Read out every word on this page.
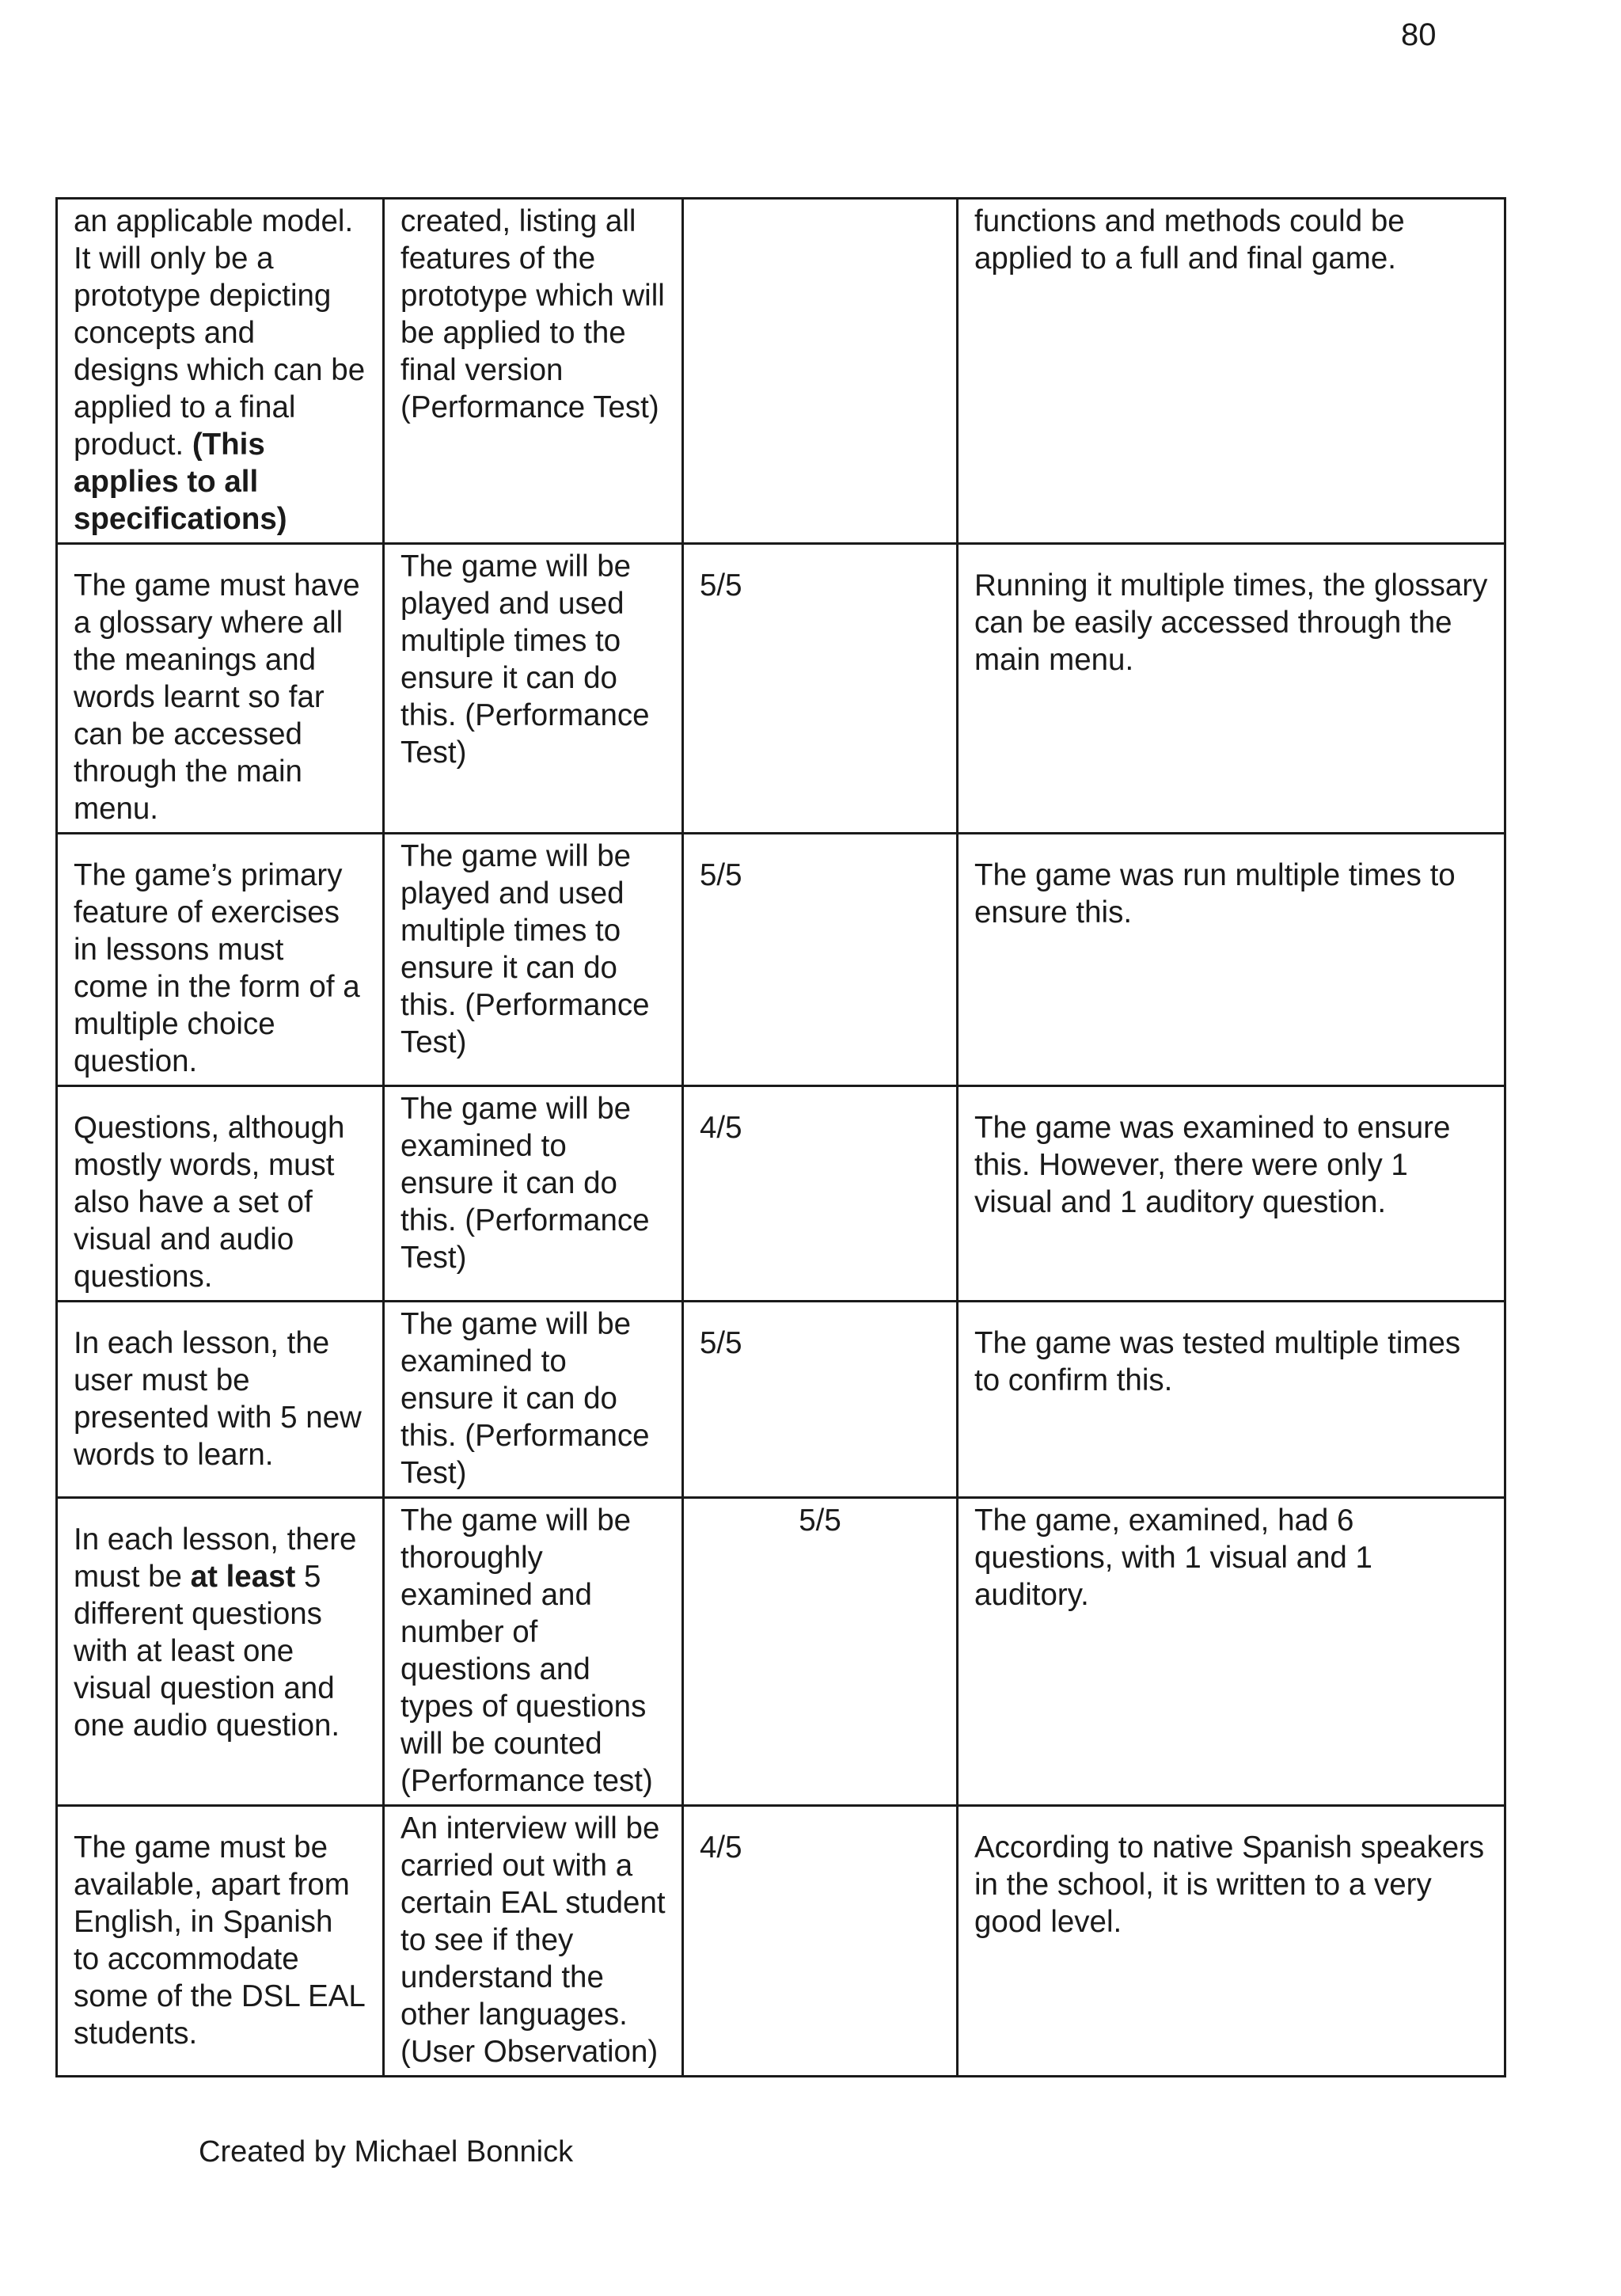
80
an applicable model. It will only be a prototype depicting concepts and designs which can be applied to a final product. (This applies to all specifications)	created, listing all features of the prototype which will be applied to the final version (Performance Test)		functions and methods could be applied to a full and final game.

The game must have a glossary where all the meanings and words learnt so far can be accessed through the main menu.	The game will be played and used multiple times to ensure it can do this. (Performance Test)	5/5	Running it multiple times, the glossary can be easily accessed through the main menu.

The game’s primary feature of exercises in lessons must come in the form of a multiple choice question.	The game will be played and used multiple times to ensure it can do this. (Performance Test)	5/5	The game was run multiple times to ensure this.

Questions, although mostly words, must also have a set of visual and audio questions.	The game will be examined to ensure it can do this. (Performance Test)	4/5	The game was examined to ensure this. However, there were only 1 visual and 1 auditory question.

In each lesson, the user must be presented with 5 new words to learn.	The game will be examined to ensure it can do this. (Performance Test)	5/5	The game was tested multiple times to confirm this.

In each lesson, there must be at least 5 different questions with at least one visual question and one audio question.	The game will be thoroughly examined and number of questions and types of questions will be counted (Performance test)	5/5	The game, examined, had 6 questions, with 1 visual and 1 auditory.

The game must be available, apart from English, in Spanish to accommodate some of the DSL EAL students.	An interview will be carried out with a certain EAL student to see if they understand the other languages. (User Observation)	4/5	According to native Spanish speakers in the school, it is written to a very good level.
Created by Michael Bonnick
